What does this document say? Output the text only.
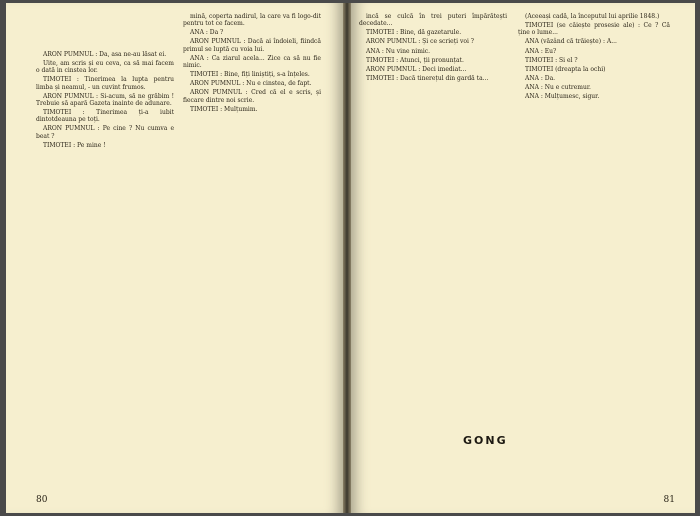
ARON PUMNUL : Da, asa ne-au lăsat ei.

Uite, am scris și eu ceva, ca să mai facem o dată in cinstea lor.

TIMOTEI : Tinerimea la lupta pentru limba și neamul, - un cuvint frumos.

ARON PUMNUL : Si-acum, să ne grăbim ! Trebuie să apară Gazeta inainte de adunare.

TIMOTEI : Tinerimea ți-a iubit dintotdeauna pe toți.

ARON PUMNUL : Pe cine ? Nu cumva e beat ?

TIMOTEI : Pe mine !

mină, coperta nadirul, la care va fi logo-dit pentru tot ce facem.

ANA : Da ?

ARON PUMNUL : Dacă ai îndoieli, fiindcă primul se luptă cu voia lui.

ANA : Ca ziarul acela... Zice ca să nu fie nimic.

TIMOTEI : Bine, fiți liniștiți, s-a înțeles.

ARON PUMNUL : Nu e cinstea, de fapt.

ARON PUMNUL : Cred că el e scris, și fiecare dintre noi scrie.

TIMOTEI : Mulțumim.

80

incă se culcă în trei puteri împărătești decedate...

TIMOTEI : Bine, dă gazetarule.

ARON PUMNUL : Și ce scrieți voi ?

ANA : Nu vine nimic.

TIMOTEI : Atunci, ții pronunțat.

ARON PUMNUL : Deci imediat...

TIMOTEI : Dacă tinerețul din gardă ta...

GONG

(Aceeași cadă, la începutul lui aprilie 1848.)

TIMOTEI (se căiește prosesie ale) : Ce ? Că ține o lume...

ANA (văzând că trăiește) : A...

ANA : Eu?

TIMOTEI : Si el ?

TIMOTEI (dreapta la ochi)

ANA : Da.

ANA : Nu e cutremur.

ANA : Mulțumesc, sigur.

81
